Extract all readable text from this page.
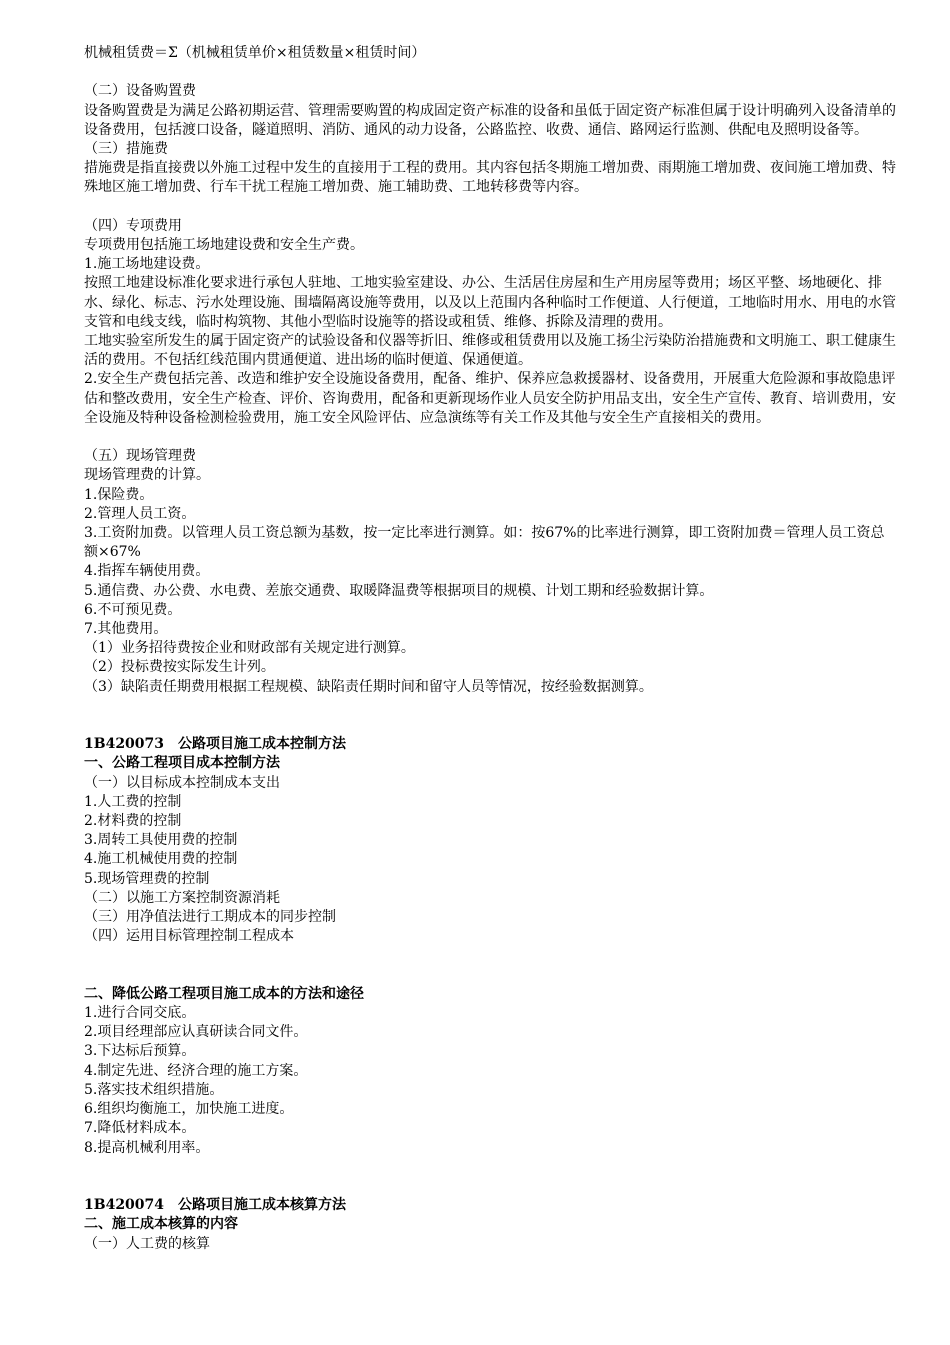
机械租赁费＝Σ（机械租赁单价×租赁数量×租赁时间）

（二）设备购置费

设备购置费是为满足公路初期运营、管理需要购置的构成固定资产标准的设备和虽低于固定资产标准但属于设计明确列入设备清单的设备费用，包括渡口设备，隧道照明、消防、通风的动力设备，公路监控、收费、通信、路网运行监测、供配电及照明设备等。

（三）措施费

措施费是指直接费以外施工过程中发生的直接用于工程的费用。其内容包括冬期施工增加费、雨期施工增加费、夜间施工增加费、特殊地区施工增加费、行车干扰工程施工增加费、施工辅助费、工地转移费等内容。

（四）专项费用

专项费用包括施工场地建设费和安全生产费。

1.施工场地建设费。

按照工地建设标准化要求进行承包人驻地、工地实验室建设、办公、生活居住房屋和生产用房屋等费用；场区平整、场地硬化、排水、绿化、标志、污水处理设施、围墙隔离设施等费用，以及以上范围内各种临时工作便道、人行便道，工地临时用水、用电的水管支管和电线支线，临时构筑物、其他小型临时设施等的搭设或租赁、维修、拆除及清理的费用。

工地实验室所发生的属于固定资产的试验设备和仪器等折旧、维修或租赁费用以及施工扬尘污染防治措施费和文明施工、职工健康生活的费用。不包括红线范围内贯通便道、进出场的临时便道、保通便道。

2.安全生产费包括完善、改造和维护安全设施设备费用，配备、维护、保养应急救援器材、设备费用，开展重大危险源和事故隐患评估和整改费用，安全生产检查、评价、咨询费用，配备和更新现场作业人员安全防护用品支出，安全生产宣传、教育、培训费用，安全设施及特种设备检测检验费用，施工安全风险评估、应急演练等有关工作及其他与安全生产直接相关的费用。

（五）现场管理费

现场管理费的计算。

1.保险费。

2.管理人员工资。

3.工资附加费。以管理人员工资总额为基数，按一定比率进行测算。如：按67%的比率进行测算，即工资附加费＝管理人员工资总额×67%

4.指挥车辆使用费。

5.通信费、办公费、水电费、差旅交通费、取暖降温费等根据项目的规模、计划工期和经验数据计算。

6.不可预见费。

7.其他费用。

（1）业务招待费按企业和财政部有关规定进行测算。

（2）投标费按实际发生计列。

（3）缺陷责任期费用根据工程规模、缺陷责任期时间和留守人员等情况，按经验数据测算。

1B420073　公路项目施工成本控制方法

一、公路工程项目成本控制方法

（一）以目标成本控制成本支出

1.人工费的控制

2.材料费的控制

3.周转工具使用费的控制

4.施工机械使用费的控制

5.现场管理费的控制

（二）以施工方案控制资源消耗

（三）用净值法进行工期成本的同步控制

（四）运用目标管理控制工程成本

二、降低公路工程项目施工成本的方法和途径

1.进行合同交底。

2.项目经理部应认真研读合同文件。

3.下达标后预算。

4.制定先进、经济合理的施工方案。

5.落实技术组织措施。

6.组织均衡施工，加快施工进度。

7.降低材料成本。

8.提高机械利用率。

1B420074　公路项目施工成本核算方法

二、施工成本核算的内容

（一）人工费的核算
